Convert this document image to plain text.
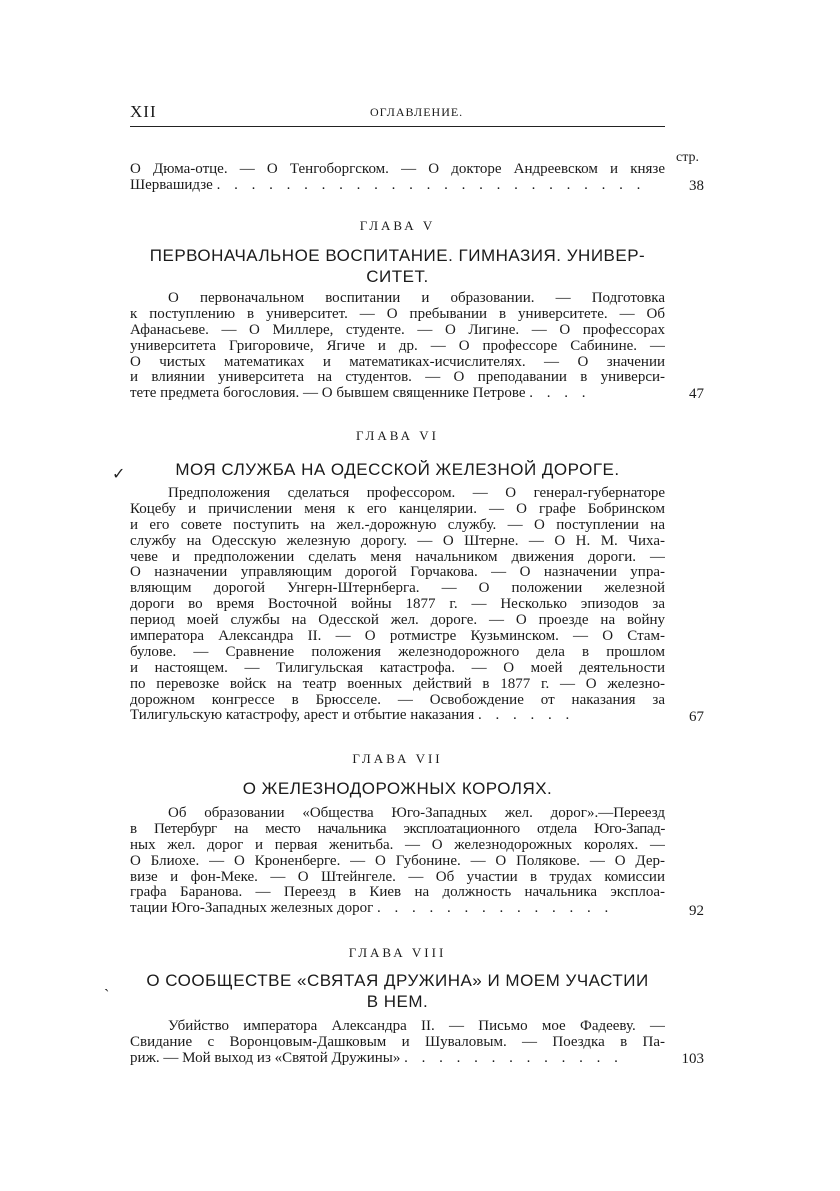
XII	ОГЛАВЛЕНИЕ.
стр.
О Дюма-отце. — О Тенгоборгском. — О докторе Андреевском и князе
Шервашидзе . . . . . . . . . . . . . . . . . . . . . . . . .	38
ГЛАВА V
ПЕРВОНАЧАЛЬНОЕ ВОСПИТАНИЕ. ГИМНАЗИЯ. УНИВЕР-
СИТЕТ.
О первоначальном воспитании и образовании. — Подготовка
к поступлению в университет. — О пребывании в университете. — Об
Афанасьеве. — О Миллере, студенте. — О Лигине. — О профессорах
университета Григоровиче, Ягиче и др. — О профессоре Сабинине. —
О чистых математиках и математиках-исчислителях. — О значении
и влиянии университета на студентов. — О преподавании в универси-
тете предмета богословия. — О бывшем священнике Петрове . . . .	47
ГЛАВА VI
✓	МОЯ СЛУЖБА НА ОДЕССКОЙ ЖЕЛЕЗНОЙ ДОРОГЕ.
Предположения сделаться профессором. — О генерал-губернаторе
Коцебу и причислении меня к его канцелярии. — О графе Бобринском
и его совете поступить на жел.-дорожную службу. — О поступлении на
службу на Одесскую железную дорогу. — О Штерне. — О Н. М. Чиха-
чеве и предположении сделать меня начальником движения дороги. —
О назначении управляющим дорогой Горчакова. — О назначении упра-
вляющим дорогой Унгерн-Штернберга. — О положении железной
дороги во время Восточной войны 1877 г. — Несколько эпизодов за
период моей службы на Одесской жел. дороге. — О проезде на войну
императора Александра II. — О ротмистре Кузьминском. — О Стам-
булове. — Сравнение положения железнодорожного дела в прошлом
и настоящем. — Тилигульская катастрофа. — О моей деятельности
по перевозке войск на театр военных действий в 1877 г. — О железно-
дорожном конгрессе в Брюсселе. — Освобождение от наказания за
Тилигульскую катастрофу, арест и отбытие наказания . . . . . .	67
ГЛАВА VII
О ЖЕЛЕЗНОДОРОЖНЫХ КОРОЛЯХ.
Об образовании «Общества Юго-Западных жел. дорог».—Переезд
в Петербург на место начальника эксплоатационного отдела Юго-Запад-
ных жел. дорог и первая женитьба. — О железнодорожных королях. —
О Блиохе. — О Кроненберге. — О Губонине. — О Полякове. — О Дер-
визе и фон-Меке. — О Штейнгеле. — Об участии в трудах комиссии
графа Баранова. — Переезд в Киев на должность начальника эксплоа-
тации Юго-Западных железных дорог . . . . . . . . . . . . . .	92
ГЛАВА VIII
ˎ	О СООБЩЕСТВЕ «СВЯТАЯ ДРУЖИНА» И МОЕМ УЧАСТИИ
В НЕМ.
Убийство императора Александра II. — Письмо мое Фадееву. —
Свидание с Воронцовым-Дашковым и Шуваловым. — Поездка в Па-
риж. — Мой выход из «Святой Дружины» . . . . . . . . . . . . .	103
